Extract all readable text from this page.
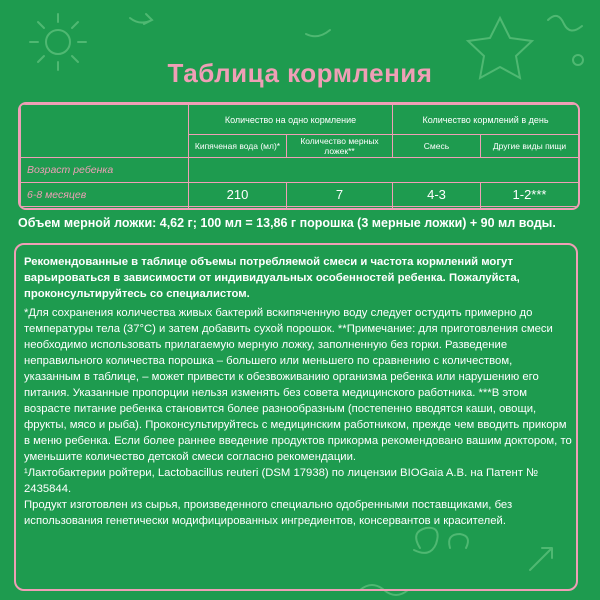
Таблица кормления
	Количество на одно кормление		Количество кормлений в день	
	Кипяченая вода (мл)*	Количество мерных ложек**	Смесь	Другие виды пищи
Возраст ребенка				
6-8 месяцев	210	7	4-3	1-2***

Объем мерной ложки: 4,62 г; 100 мл = 13,86 г порошка (3 мерные ложки) + 90 мл воды.

Рекомендованные в таблице объемы потребляемой смеси и частота кормлений могут варьироваться в зависимости от индивидуальных особенностей ребенка. Пожалуйста, проконсультируйтесь со специалистом.

*Для сохранения количества живых бактерий вскипяченную воду следует остудить примерно до температуры тела (37°С) и затем добавить сухой порошок. **Примечание: для приготовления смеси необходимо использовать прилагаемую мерную ложку, заполненную без горки. Разведение неправильного количества порошка – большего или меньшего по сравнению с количеством, указанным в таблице, – может привести к обезвоживанию организма ребенка или нарушению его питания. Указанные пропорции нельзя изменять без совета медицинского работника. ***В этом возрасте питание ребенка становится более разнообразным (постепенно вводятся каши, овощи, фрукты, мясо и рыба). Проконсультируйтесь с медицинским работником, прежде чем вводить прикорм в меню ребенка. Если более раннее введение продуктов прикорма рекомендовано вашим доктором, то уменьшите количество детской смеси согласно рекомендации.

¹Лактобактерии ройтери, Lactobacillus reuteri (DSM 17938) по лицензии BIOGaia A.B. на Патент № 2435844.

Продукт изготовлен из сырья, произведенного специально одобренными поставщиками, без использования генетически модифицированных ингредиентов, консервантов и красителей.
